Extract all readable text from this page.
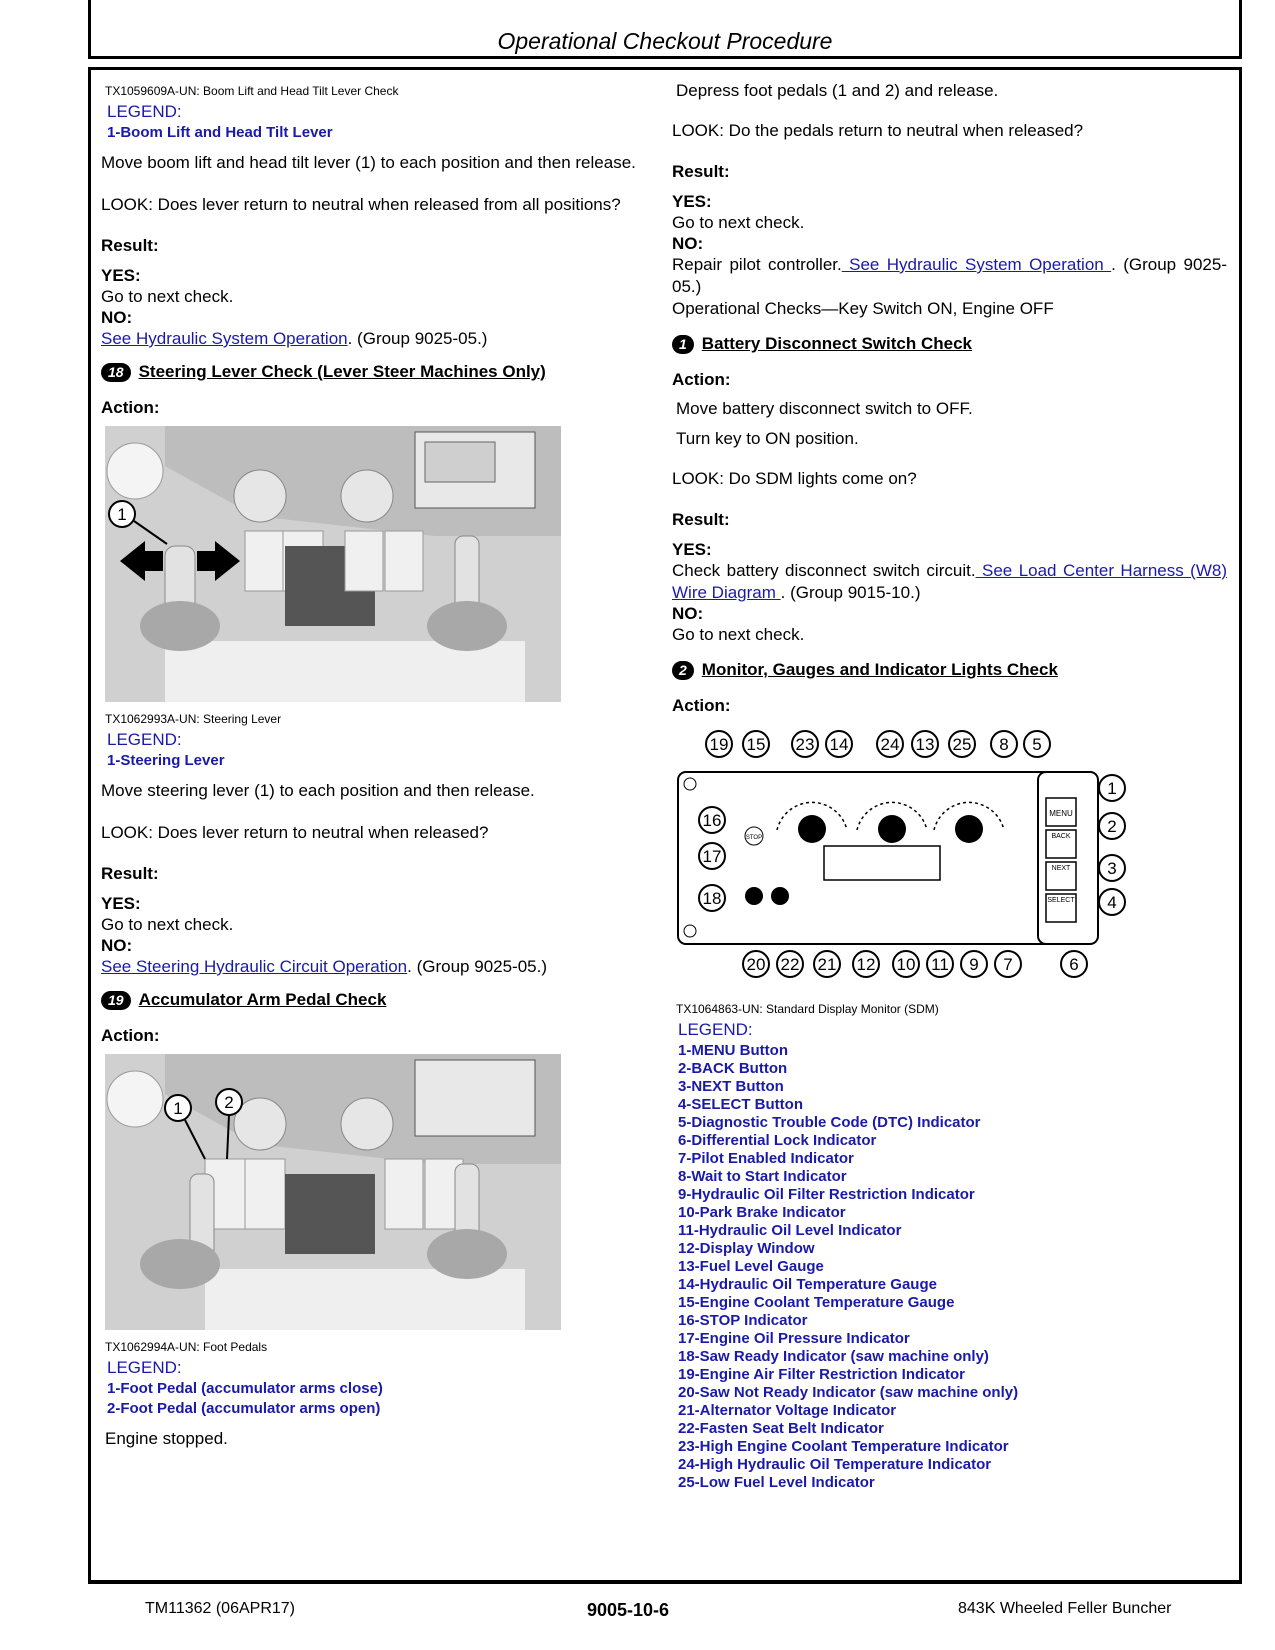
Operational Checkout Procedure
TX1059609A-UN: Boom Lift and Head Tilt Lever Check
LEGEND:
1-Boom Lift and Head Tilt Lever

Move boom lift and head tilt lever (1) to each position and then release.

LOOK: Does lever return to neutral when released from all positions?

Result:

YES:

Go to next check.

NO:

See Hydraulic System Operation. (Group 9025-05.)

18 Steering Lever Check (Lever Steer Machines Only)

Action:

1
TX1062993A-UN: Steering Lever
LEGEND:
1-Steering Lever

Move steering lever (1) to each position and then release.

LOOK: Does lever return to neutral when released?

Result:

YES:

Go to next check.

NO:

See Steering Hydraulic Circuit Operation. (Group 9025-05.)

19 Accumulator Arm Pedal Check

Action:

1 2
TX1062994A-UN: Foot Pedals
LEGEND:
1-Foot Pedal (accumulator arms close)
2-Foot Pedal (accumulator arms open)

Engine stopped.

Depress foot pedals (1 and 2) and release.

LOOK: Do the pedals return to neutral when released?

Result:

YES:

Go to next check.

NO:

Repair pilot controller. See Hydraulic System Operation . (Group 9025-05.)

Operational Checks—Key Switch ON, Engine OFF

1 Battery Disconnect Switch Check

Action:

Move battery disconnect switch to OFF.

Turn key to ON position.

LOOK: Do SDM lights come on?

Result:

YES:

Check battery disconnect switch circuit. See Load Center Harness (W8) Wire Diagram . (Group 9015-10.)

NO:

Go to next check.

2 Monitor, Gauges and Indicator Lights Check

Action:

MENU
BACK
NEXT
SELECT
STOP
19 15 23 14 24 13 25 8 5
1
2
3
4
16
17
18
20 22 21 12 10 11 9 7	6
TX1064863-UN: Standard Display Monitor (SDM)
LEGEND:
1-MENU Button
2-BACK Button
3-NEXT Button
4-SELECT Button
5-Diagnostic Trouble Code (DTC) Indicator
6-Differential Lock Indicator
7-Pilot Enabled Indicator
8-Wait to Start Indicator
9-Hydraulic Oil Filter Restriction Indicator
10-Park Brake Indicator
11-Hydraulic Oil Level Indicator
12-Display Window
13-Fuel Level Gauge
14-Hydraulic Oil Temperature Gauge
15-Engine Coolant Temperature Gauge
16-STOP Indicator
17-Engine Oil Pressure Indicator
18-Saw Ready Indicator (saw machine only)
19-Engine Air Filter Restriction Indicator
20-Saw Not Ready Indicator (saw machine only)
21-Alternator Voltage Indicator
22-Fasten Seat Belt Indicator
23-High Engine Coolant Temperature Indicator
24-High Hydraulic Oil Temperature Indicator
25-Low Fuel Level Indicator
TM11362 (06APR17)	9005-10-6	843K Wheeled Feller Buncher
